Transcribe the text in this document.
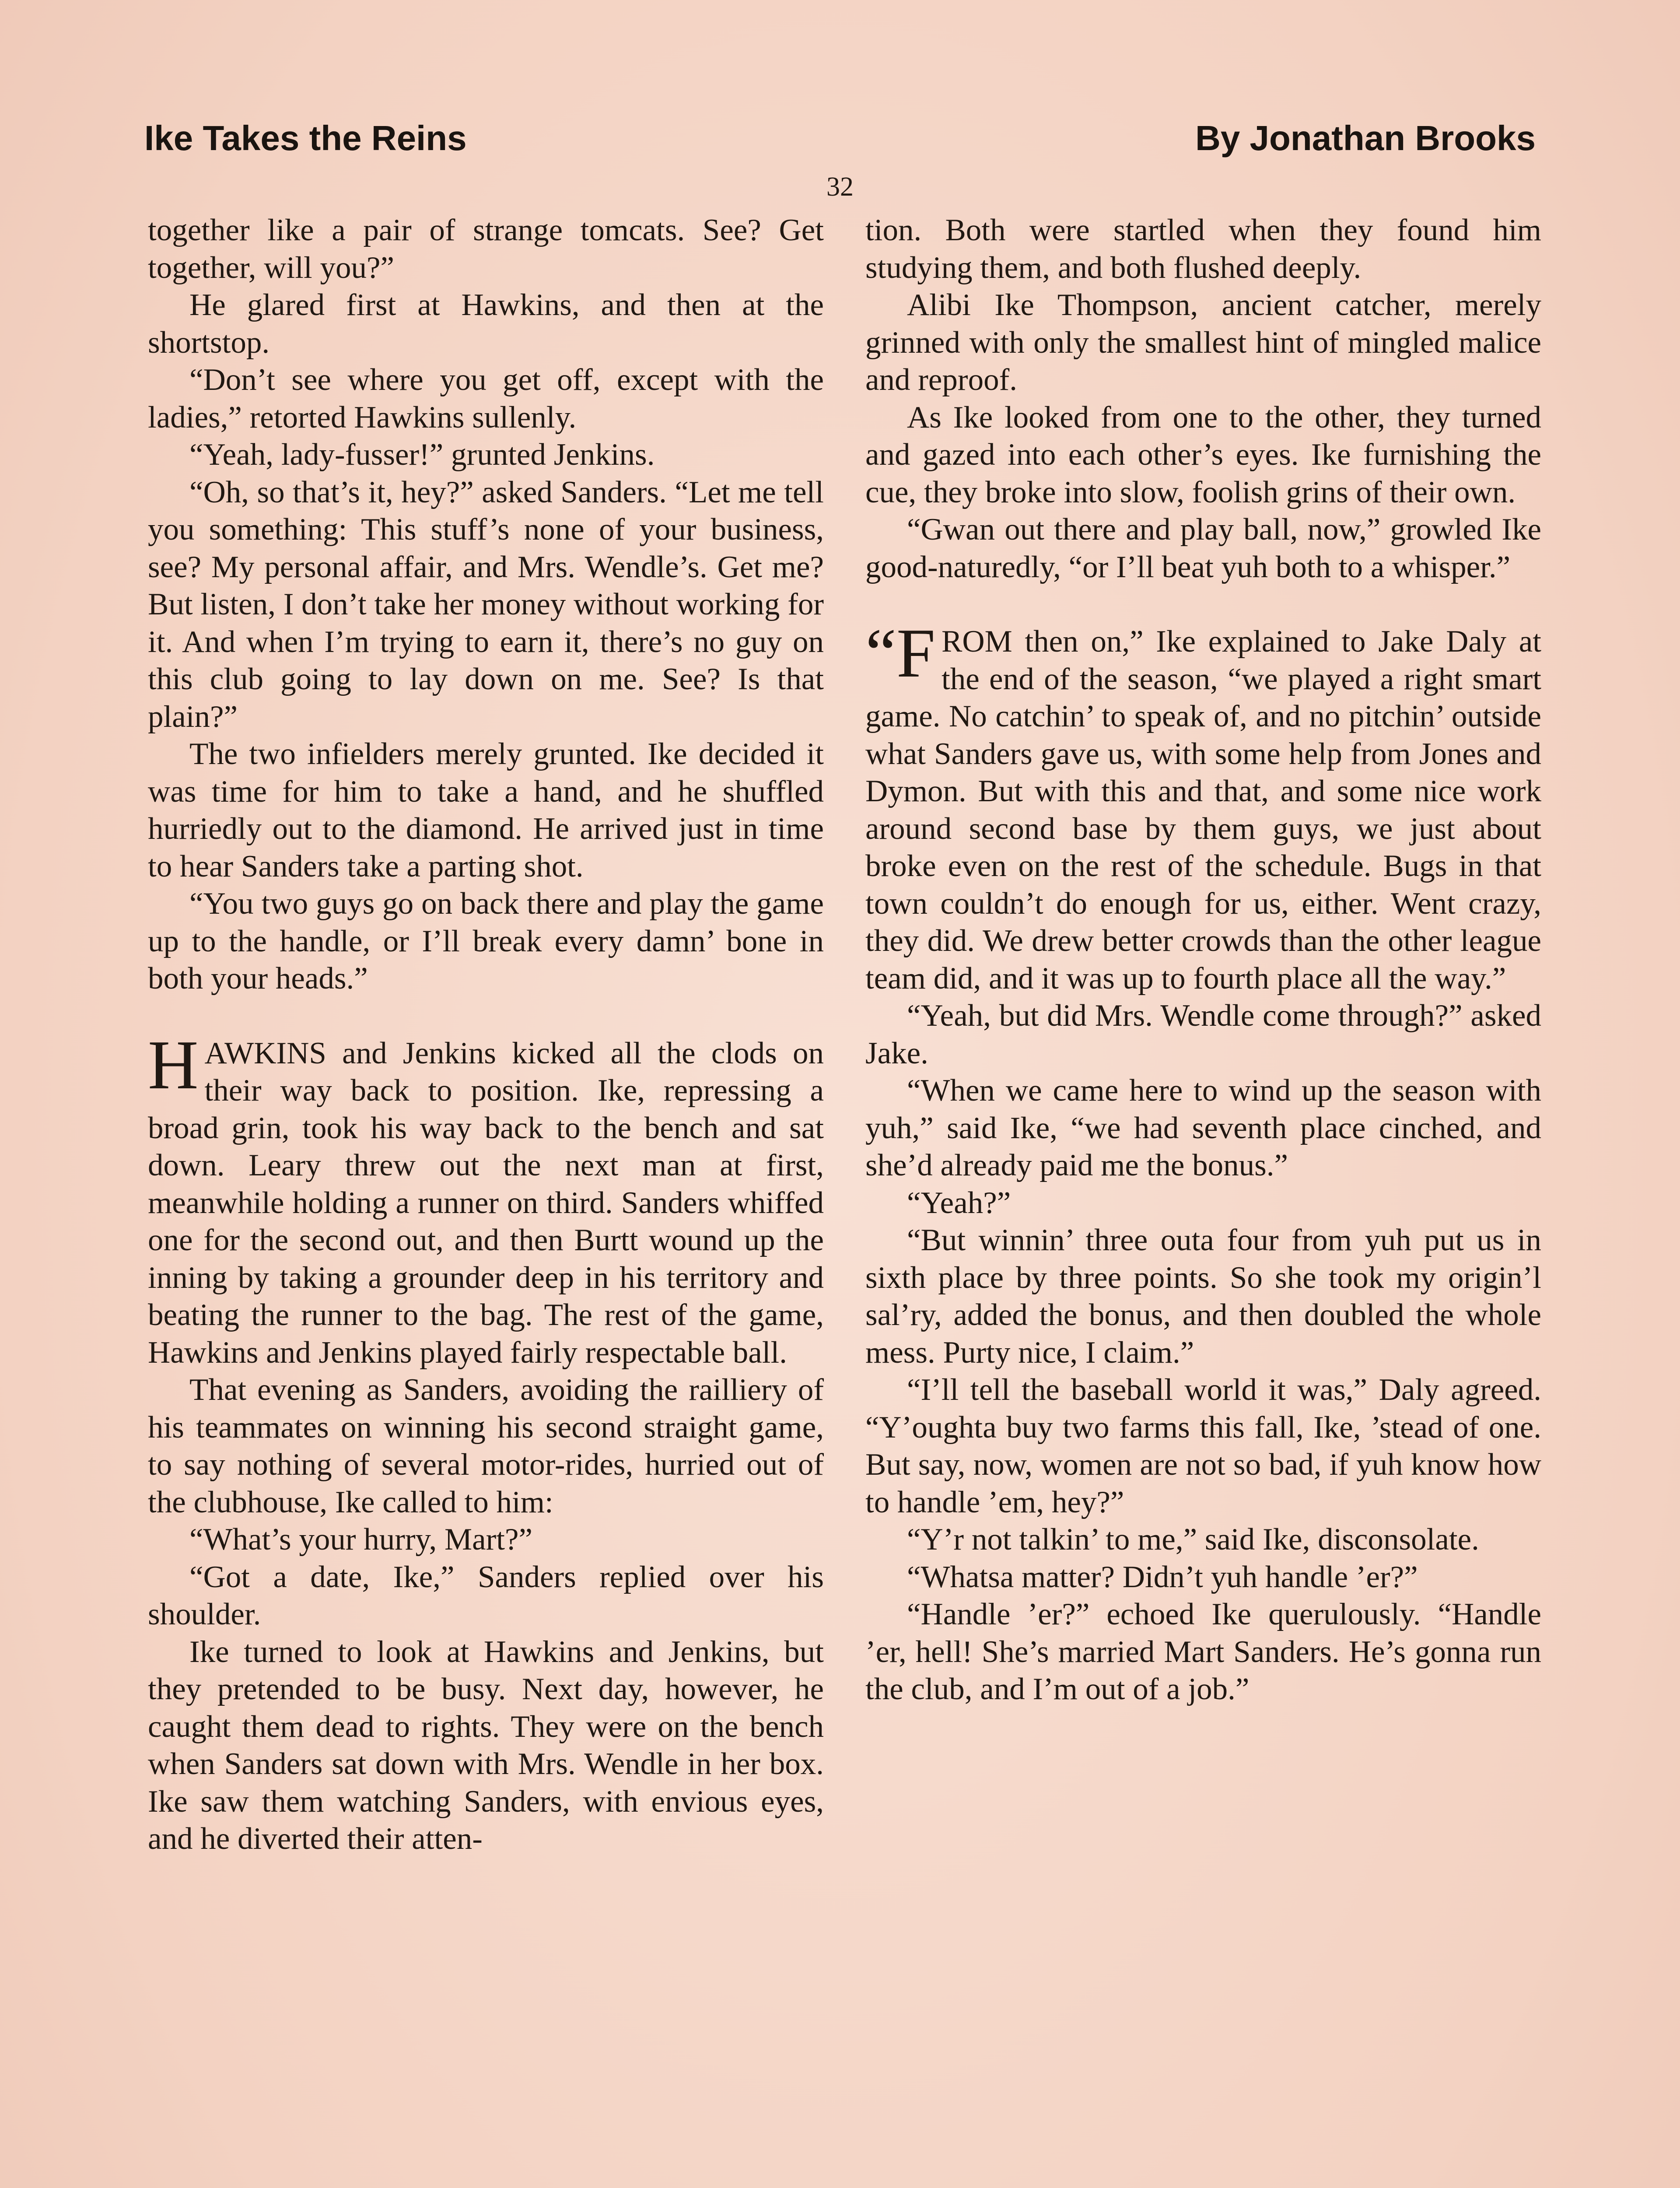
Ike Takes the Reins	By Jonathan Brooks
32

together like a pair of strange tomcats. See? Get together, will you?”

He glared first at Hawkins, and then at the shortstop.

“Don’t see where you get off, except with the ladies,” retorted Hawkins sullenly.

“Yeah, lady-fusser!” grunted Jenkins.

“Oh, so that’s it, hey?” asked Sanders. “Let me tell you something: This stuff’s none of your business, see? My personal affair, and Mrs. Wendle’s. Get me? But listen, I don’t take her money without working for it. And when I’m trying to earn it, there’s no guy on this club going to lay down on me. See? Is that plain?”

The two infielders merely grunted. Ike decided it was time for him to take a hand, and he shuffled hurriedly out to the diamond. He arrived just in time to hear Sanders take a parting shot.

“You two guys go on back there and play the game up to the handle, or I’ll break every damn’ bone in both your heads.”

HAWKINS and Jenkins kicked all the clods on their way back to position. Ike, repressing a broad grin, took his way back to the bench and sat down. Leary threw out the next man at first, meanwhile holding a runner on third. Sanders whiffed one for the second out, and then Burtt wound up the inning by taking a grounder deep in his territory and beating the runner to the bag. The rest of the game, Hawkins and Jenkins played fairly respectable ball.

That evening as Sanders, avoiding the railliery of his teammates on winning his second straight game, to say nothing of several motor-rides, hurried out of the clubhouse, Ike called to him:

“What’s your hurry, Mart?”

“Got a date, Ike,” Sanders replied over his shoulder.

Ike turned to look at Hawkins and Jenkins, but they pretended to be busy. Next day, however, he caught them dead to rights. They were on the bench when Sanders sat down with Mrs. Wendle in her box. Ike saw them watching Sanders, with envious eyes, and he diverted their atten-

tion. Both were startled when they found him studying them, and both flushed deeply.

Alibi Ike Thompson, ancient catcher, merely grinned with only the smallest hint of mingled malice and reproof.

As Ike looked from one to the other, they turned and gazed into each other’s eyes. Ike furnishing the cue, they broke into slow, foolish grins of their own.

“Gwan out there and play ball, now,” growled Ike good-naturedly, “or I’ll beat yuh both to a whisper.”

“FROM then on,” Ike explained to Jake Daly at the end of the season, “we played a right smart game. No catchin’ to speak of, and no pitchin’ outside what Sanders gave us, with some help from Jones and Dymon. But with this and that, and some nice work around second base by them guys, we just about broke even on the rest of the schedule. Bugs in that town couldn’t do enough for us, either. Went crazy, they did. We drew better crowds than the other league team did, and it was up to fourth place all the way.”

“Yeah, but did Mrs. Wendle come through?” asked Jake.

“When we came here to wind up the season with yuh,” said Ike, “we had seventh place cinched, and she’d already paid me the bonus.”

“Yeah?”

“But winnin’ three outa four from yuh put us in sixth place by three points. So she took my origin’l sal’ry, added the bonus, and then doubled the whole mess. Purty nice, I claim.”

“I’ll tell the baseball world it was,” Daly agreed. “Y’oughta buy two farms this fall, Ike, ’stead of one. But say, now, women are not so bad, if yuh know how to handle ’em, hey?”

“Y’r not talkin’ to me,” said Ike, disconsolate.

“Whatsa matter? Didn’t yuh handle ’er?”

“Handle ’er?” echoed Ike querulously. “Handle ’er, hell! She’s married Mart Sanders. He’s gonna run the club, and I’m out of a job.”
